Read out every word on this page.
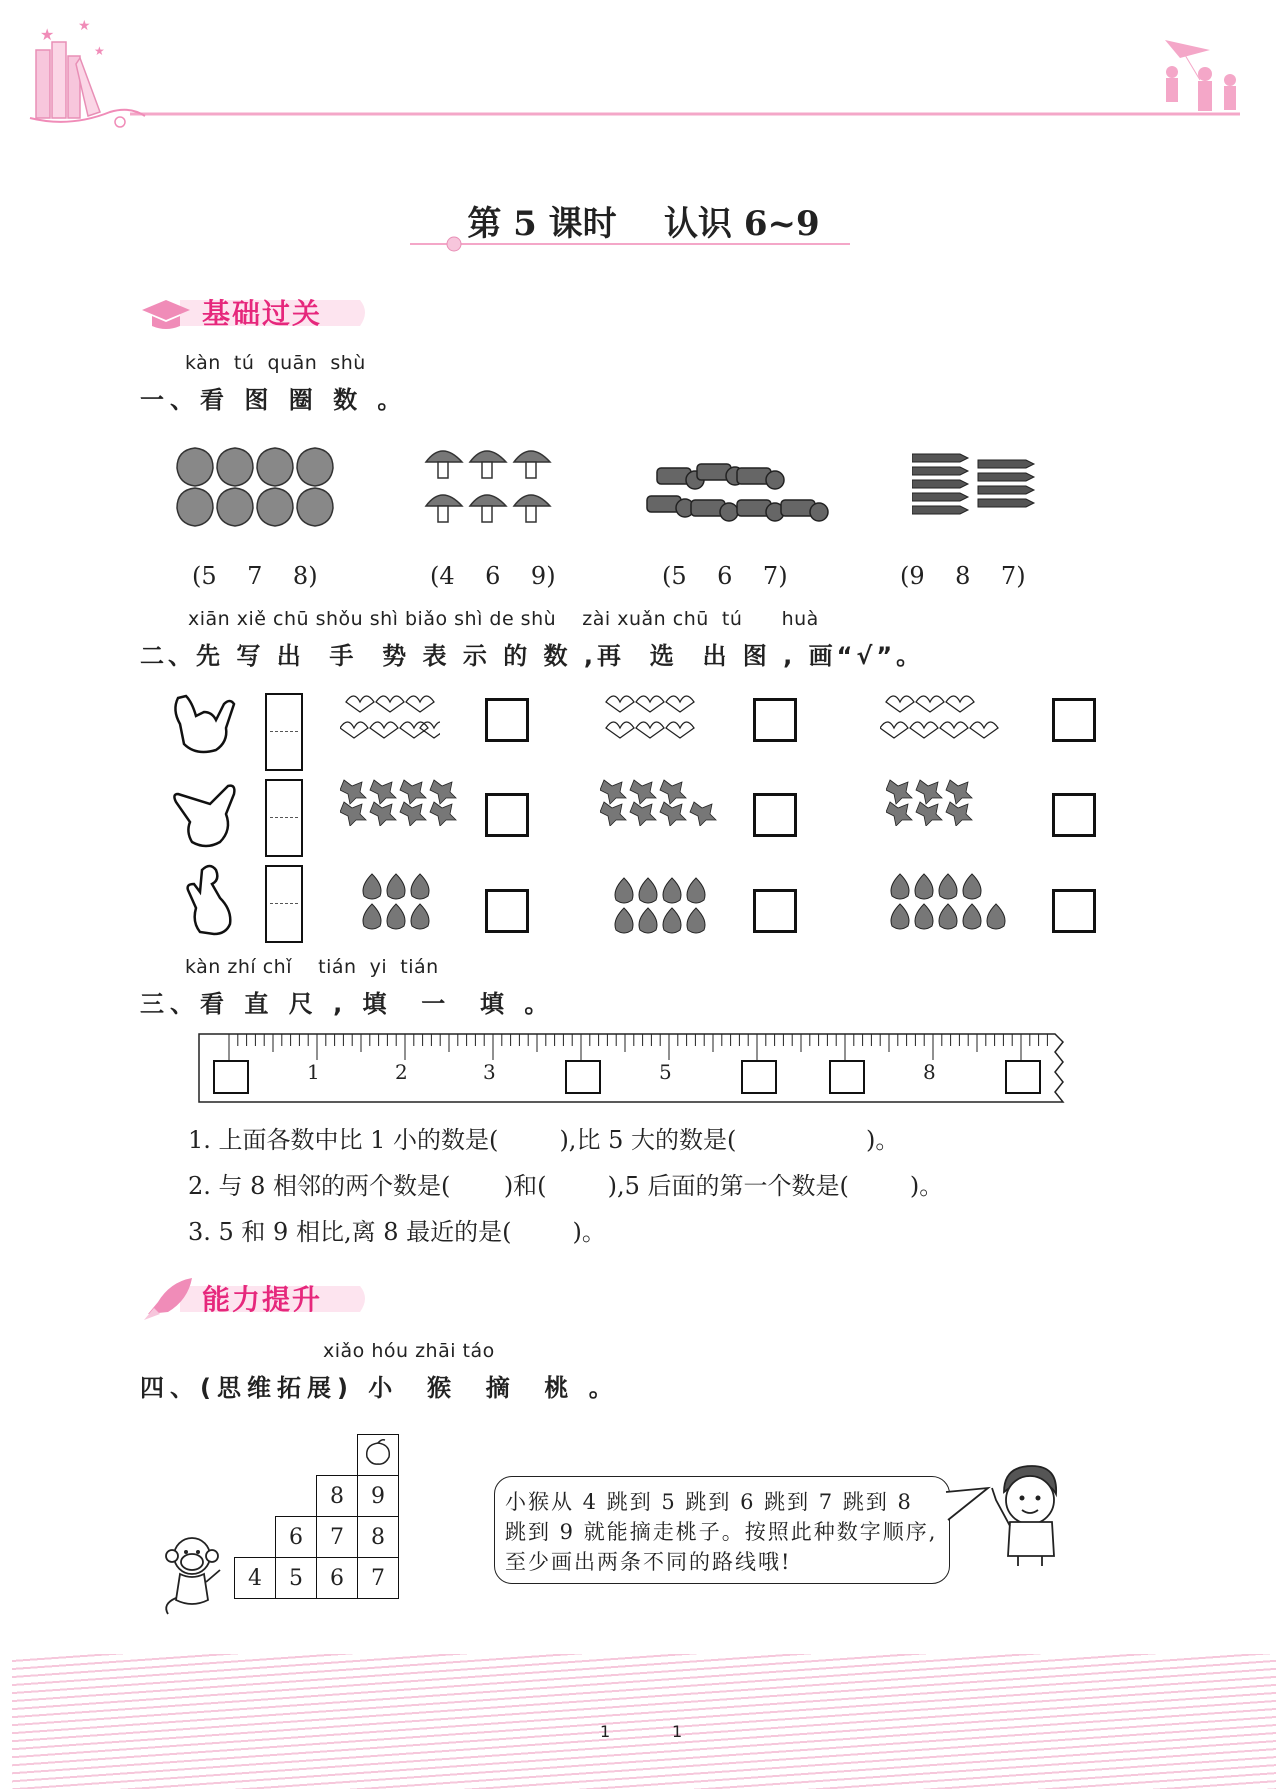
★ ★
★
第 5 课时    认识 6~9
基础过关
kàn  tú  quān  shù
一、看 图 圈 数 。
(5    7    8)	(4    6    9)	(5    6    7)	(9    8    7)
xiān xiě chū shǒu shì biǎo shì de shù    zài xuǎn chū  tú      huà
二、先 写 出  手  势 表 示 的 数 ,再  选  出 图 , 画“√”。
kàn zhí chǐ    tián  yi  tián
三、看 直 尺 , 填  一  填 。
1	2	3	5	8
1. 上面各数中比 1 小的数是(        ),比 5 大的数是(                 )。
2. 与 8 相邻的两个数是(       )和(        ),5 后面的第一个数是(        )。
3. 5 和 9 相比,离 8 最近的是(        )。
能力提升
xiǎo hóu zhāi táo
四、(思维拓展) 小  猴  摘  桃 。

		8	9
	6	7	8
4	5	6	7
小猴从 4 跳到 5 跳到 6 跳到 7 跳到 8 跳到 9 就能摘走桃子。按照此种数字顺序,至少画出两条不同的路线哦!
1	1
